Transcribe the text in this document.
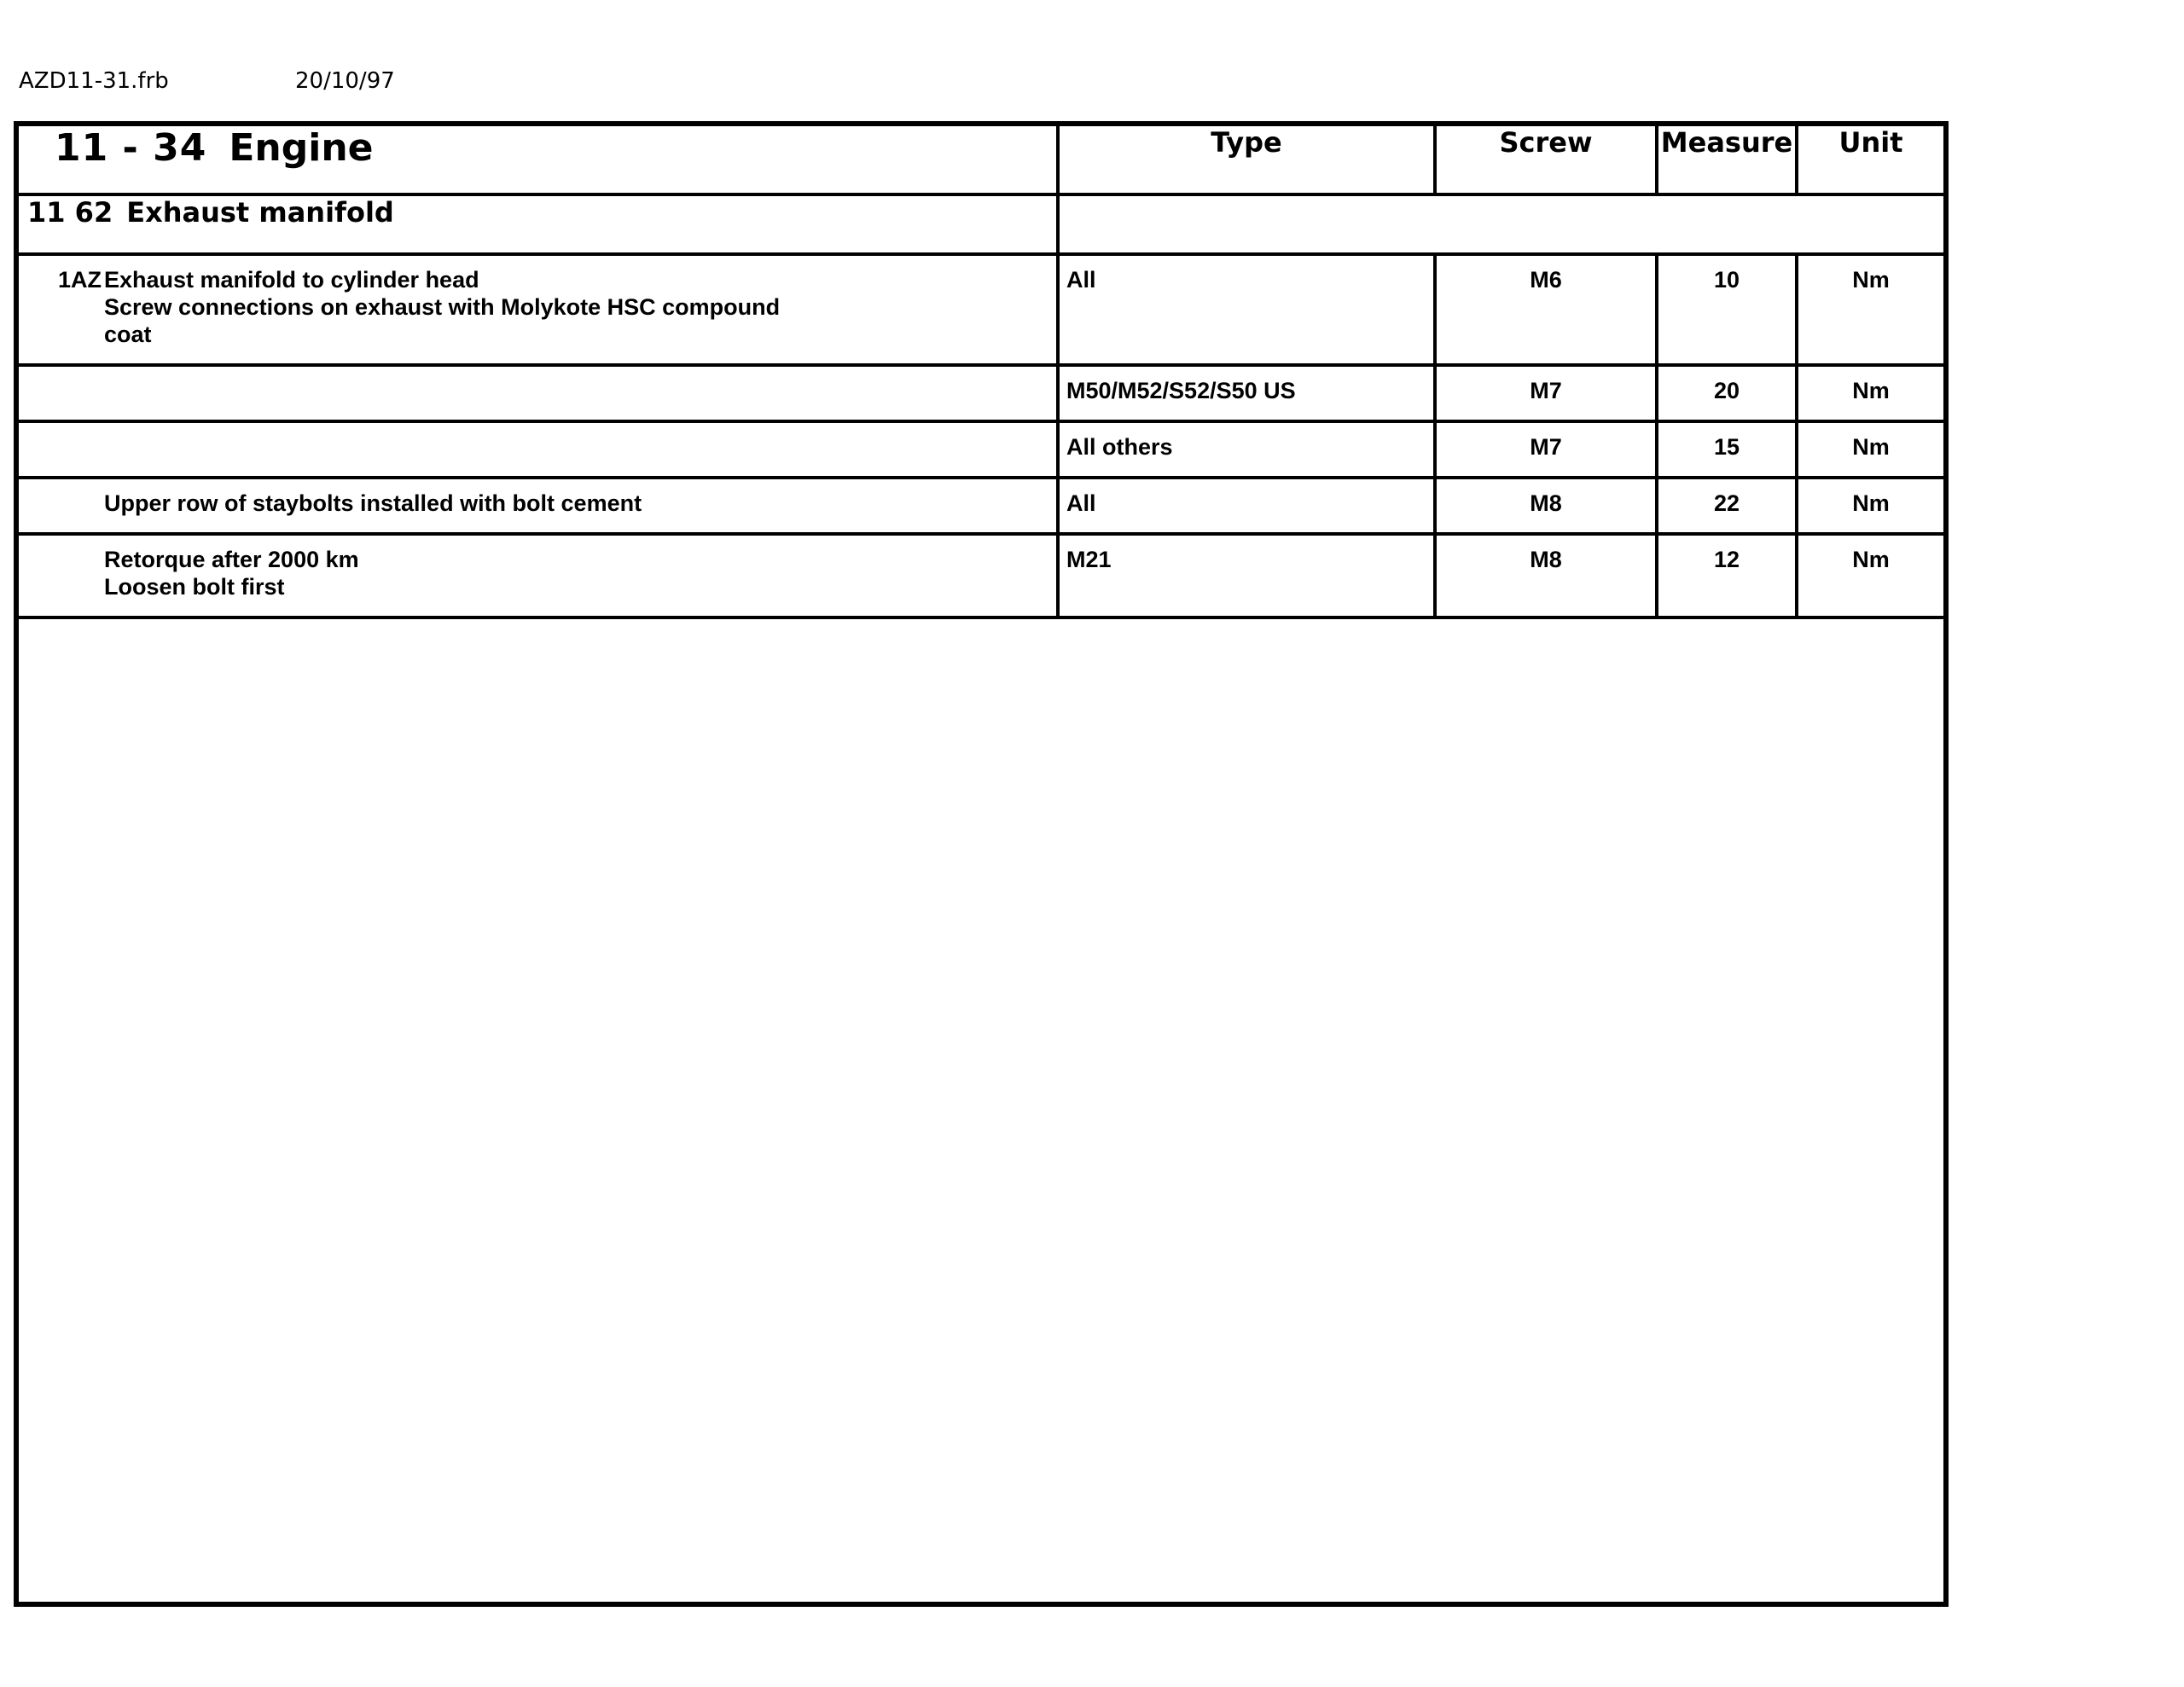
AZD11-31.frb	20/10/97
11 - 34 Engine	Type	Screw	Measure	Unit
11 62 Exhaust manifold				

1AZ Exhaust manifold to cylinder head
Screw connections on exhaust with Molykote HSC compound
coat	All	M6	10	Nm

	M50/M52/S52/S50 US	M7	20	Nm

	All others	M7	15	Nm

Upper row of staybolts installed with bolt cement	All	M8	22	Nm

Retorque after 2000 km
Loosen bolt first	M21	M8	12	Nm
